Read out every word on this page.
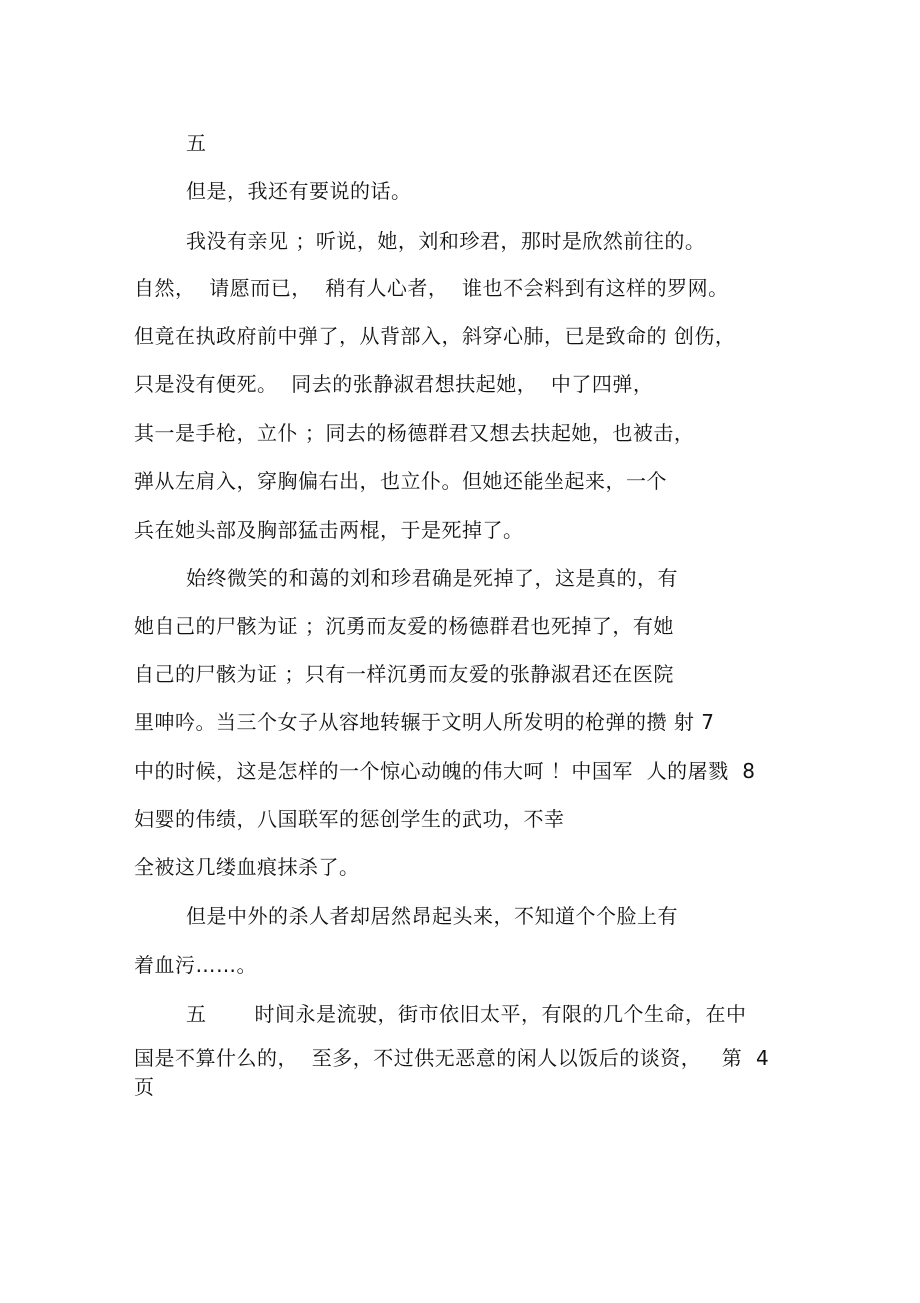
五
但是，我还有要说的话。
我没有亲见 ；听说，她，刘和珍君，那时是欣然前往的。
自然，  请愿而已，  稍有人心者，  谁也不会料到有这样的罗网。
但竟在执政府前中弹了，从背部入，斜穿心肺，已是致命的 创伤，
只是没有便死。  同去的张静淑君想扶起她，  中了四弹，
其一是手枪，立仆 ；同去的杨德群君又想去扶起她，也被击，
弹从左肩入，穿胸偏右出，也立仆。但她还能坐起来，一个
兵在她头部及胸部猛击两棍，于是死掉了。
始终微笑的和蔼的刘和珍君确是死掉了，这是真的，有
她自己的尸骸为证 ；沉勇而友爱的杨德群君也死掉了，有她
自己的尸骸为证 ；只有一样沉勇而友爱的张静淑君还在医院
里呻吟。当三个女子从容地转辗于文明人所发明的枪弹的攒 射 7
中的时候，这是怎样的一个惊心动魄的伟大呵 ！中国军  人的屠戮  8
妇婴的伟绩，八国联军的惩创学生的武功，不幸
全被这几缕血痕抹杀了。
但是中外的杀人者却居然昂起头来，不知道个个脸上有
着血污……。
五       时间永是流驶，街市依旧太平，有限的几个生命，在中
国是不算什么的，  至多，不过供无恶意的闲人以饭后的谈资，   第  4
页
